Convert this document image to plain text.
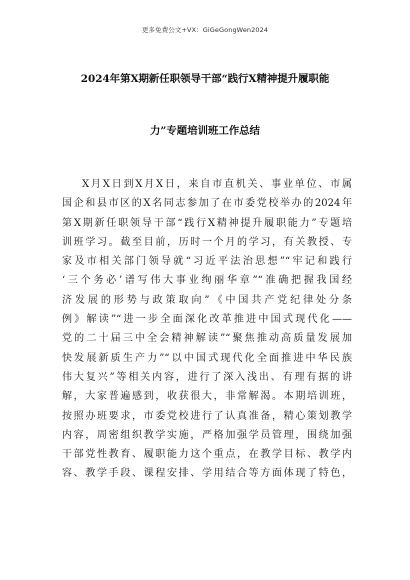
更多免费公文+VX：GiGeGongWen2024
2024年第X期新任职领导干部“践行X精神提升履职能
力”专题培训班工作总结
X月X日到X月X日，来自市直机关、事业单位、市属
国企和县市区的X名同志参加了在市委党校举办的2024年
第X期新任职领导干部“践行X精神提升履职能力”专题培
训班学习。截至目前，历时一个月的学习，有关教授、专
家及市相关部门领导就“习近平法治思想”“牢记和践行
‘三个务必’谱写伟大事业绚丽华章”“准确把握我国经
济发展的形势与政策取向”《中国共产党纪律处分条
例》解读”“进一步全面深化改革推进中国式现代化——
党的二十届三中全会精神解读”“聚焦推动高质量发展加
快发展新质生产力”“以中国式现代化全面推进中华民族
伟大复兴”等相关内容，进行了深入浅出、有理有据的讲
解，大家普遍感到，收获很大，非常解渴。本期培训班，
按照办班要求，市委党校进行了认真准备，精心策划教学
内容，周密组织教学实施，严格加强学员管理，围绕加强
干部党性教育、履职能力这个重点，在教学目标、教学内
容、教学手段、课程安排、学用结合等方面体现了特色，
